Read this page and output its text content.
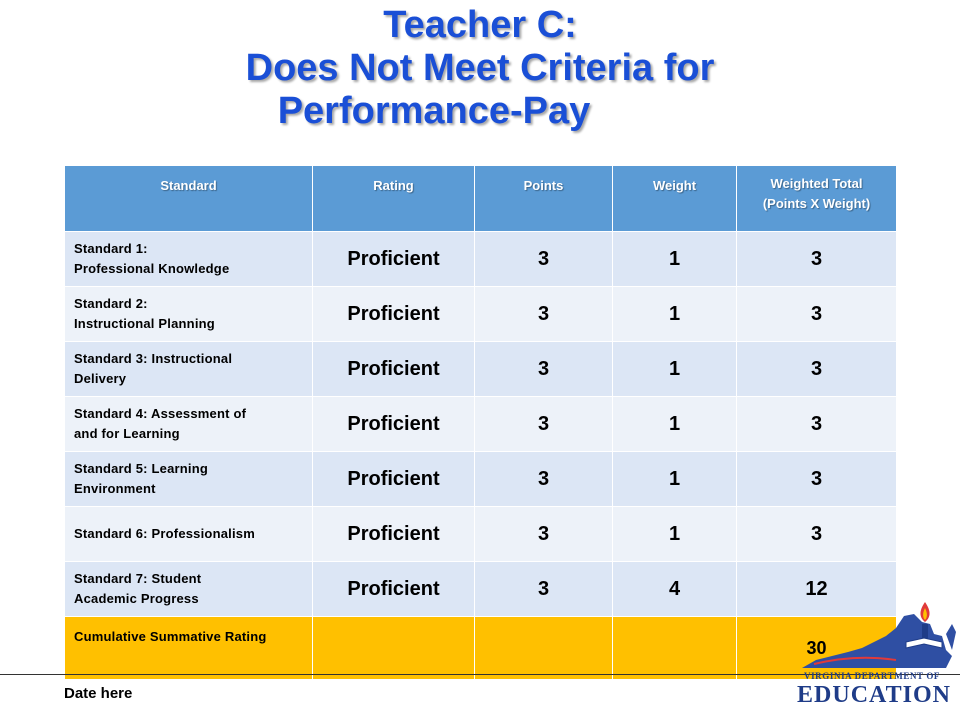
Teacher C:
Does Not Meet Criteria for

Performance-Pay
Standard	Rating	Points	Weight	Weighted Total
(Points X Weight)

Standard 1:
Professional Knowledge	Proficient	3	1	3

Standard 2:
Instructional Planning	Proficient	3	1	3

Standard 3: Instructional
Delivery	Proficient	3	1	3

Standard 4: Assessment of
and for Learning	Proficient	3	1	3

Standard 5: Learning
Environment	Proficient	3	1	3

Standard 6: Professionalism	Proficient	3	1	3

Standard 7: Student
Academic Progress	Proficient	3	4	12
Cumulative Summative Rating				30
Date here
VIRGINIA DEPARTMENT OF
EDUCATION
